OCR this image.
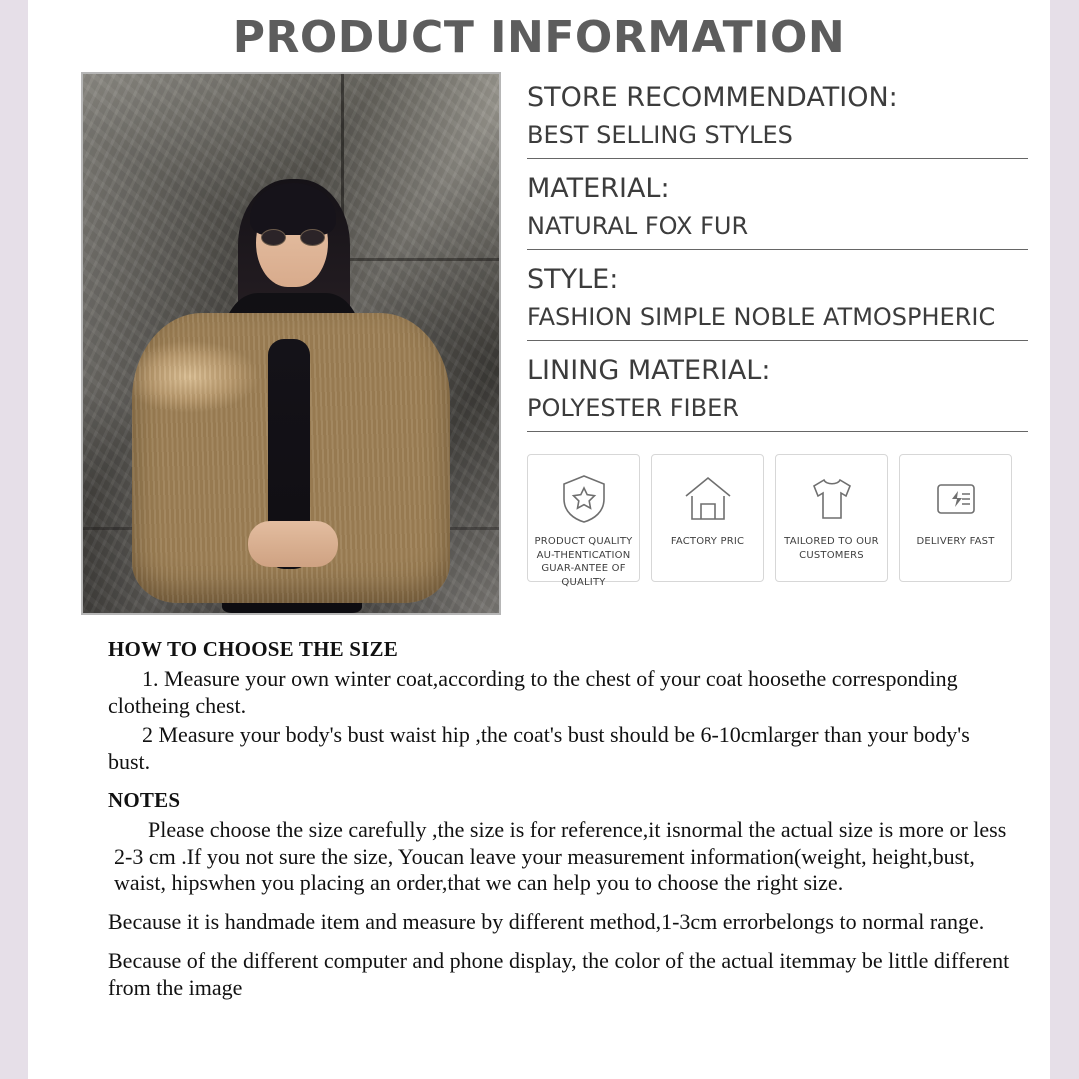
PRODUCT INFORMATION
STORE RECOMMENDATION:
BEST SELLING STYLES
MATERIAL:
NATURAL FOX FUR
STYLE:
FASHION SIMPLE NOBLE ATMOSPHERIC
LINING MATERIAL:
POLYESTER FIBER
PRODUCT QUALITY AU-THENTICATION GUAR-ANTEE OF QUALITY
FACTORY PRIC	TAILORED TO OUR CUSTOMERS
DELIVERY FAST
HOW TO CHOOSE THE SIZE

1. Measure your own winter coat,according to the chest of your coat hoosethe corresponding clotheing chest.

2 Measure your body's bust waist hip ,the coat's bust should be 6-10cmlarger than your body's bust.

NOTES

Please choose the size carefully ,the size is for reference,it isnormal the actual size is more or less 2-3 cm .If you not sure the size, Youcan leave your measurement information(weight, height,bust, waist, hipswhen you placing an order,that we can help you to choose the right size.

Because it is handmade item and measure by different method,1-3cm errorbelongs to normal range.

Because of the different computer and phone display, the color of the actual itemmay be little different from the image
